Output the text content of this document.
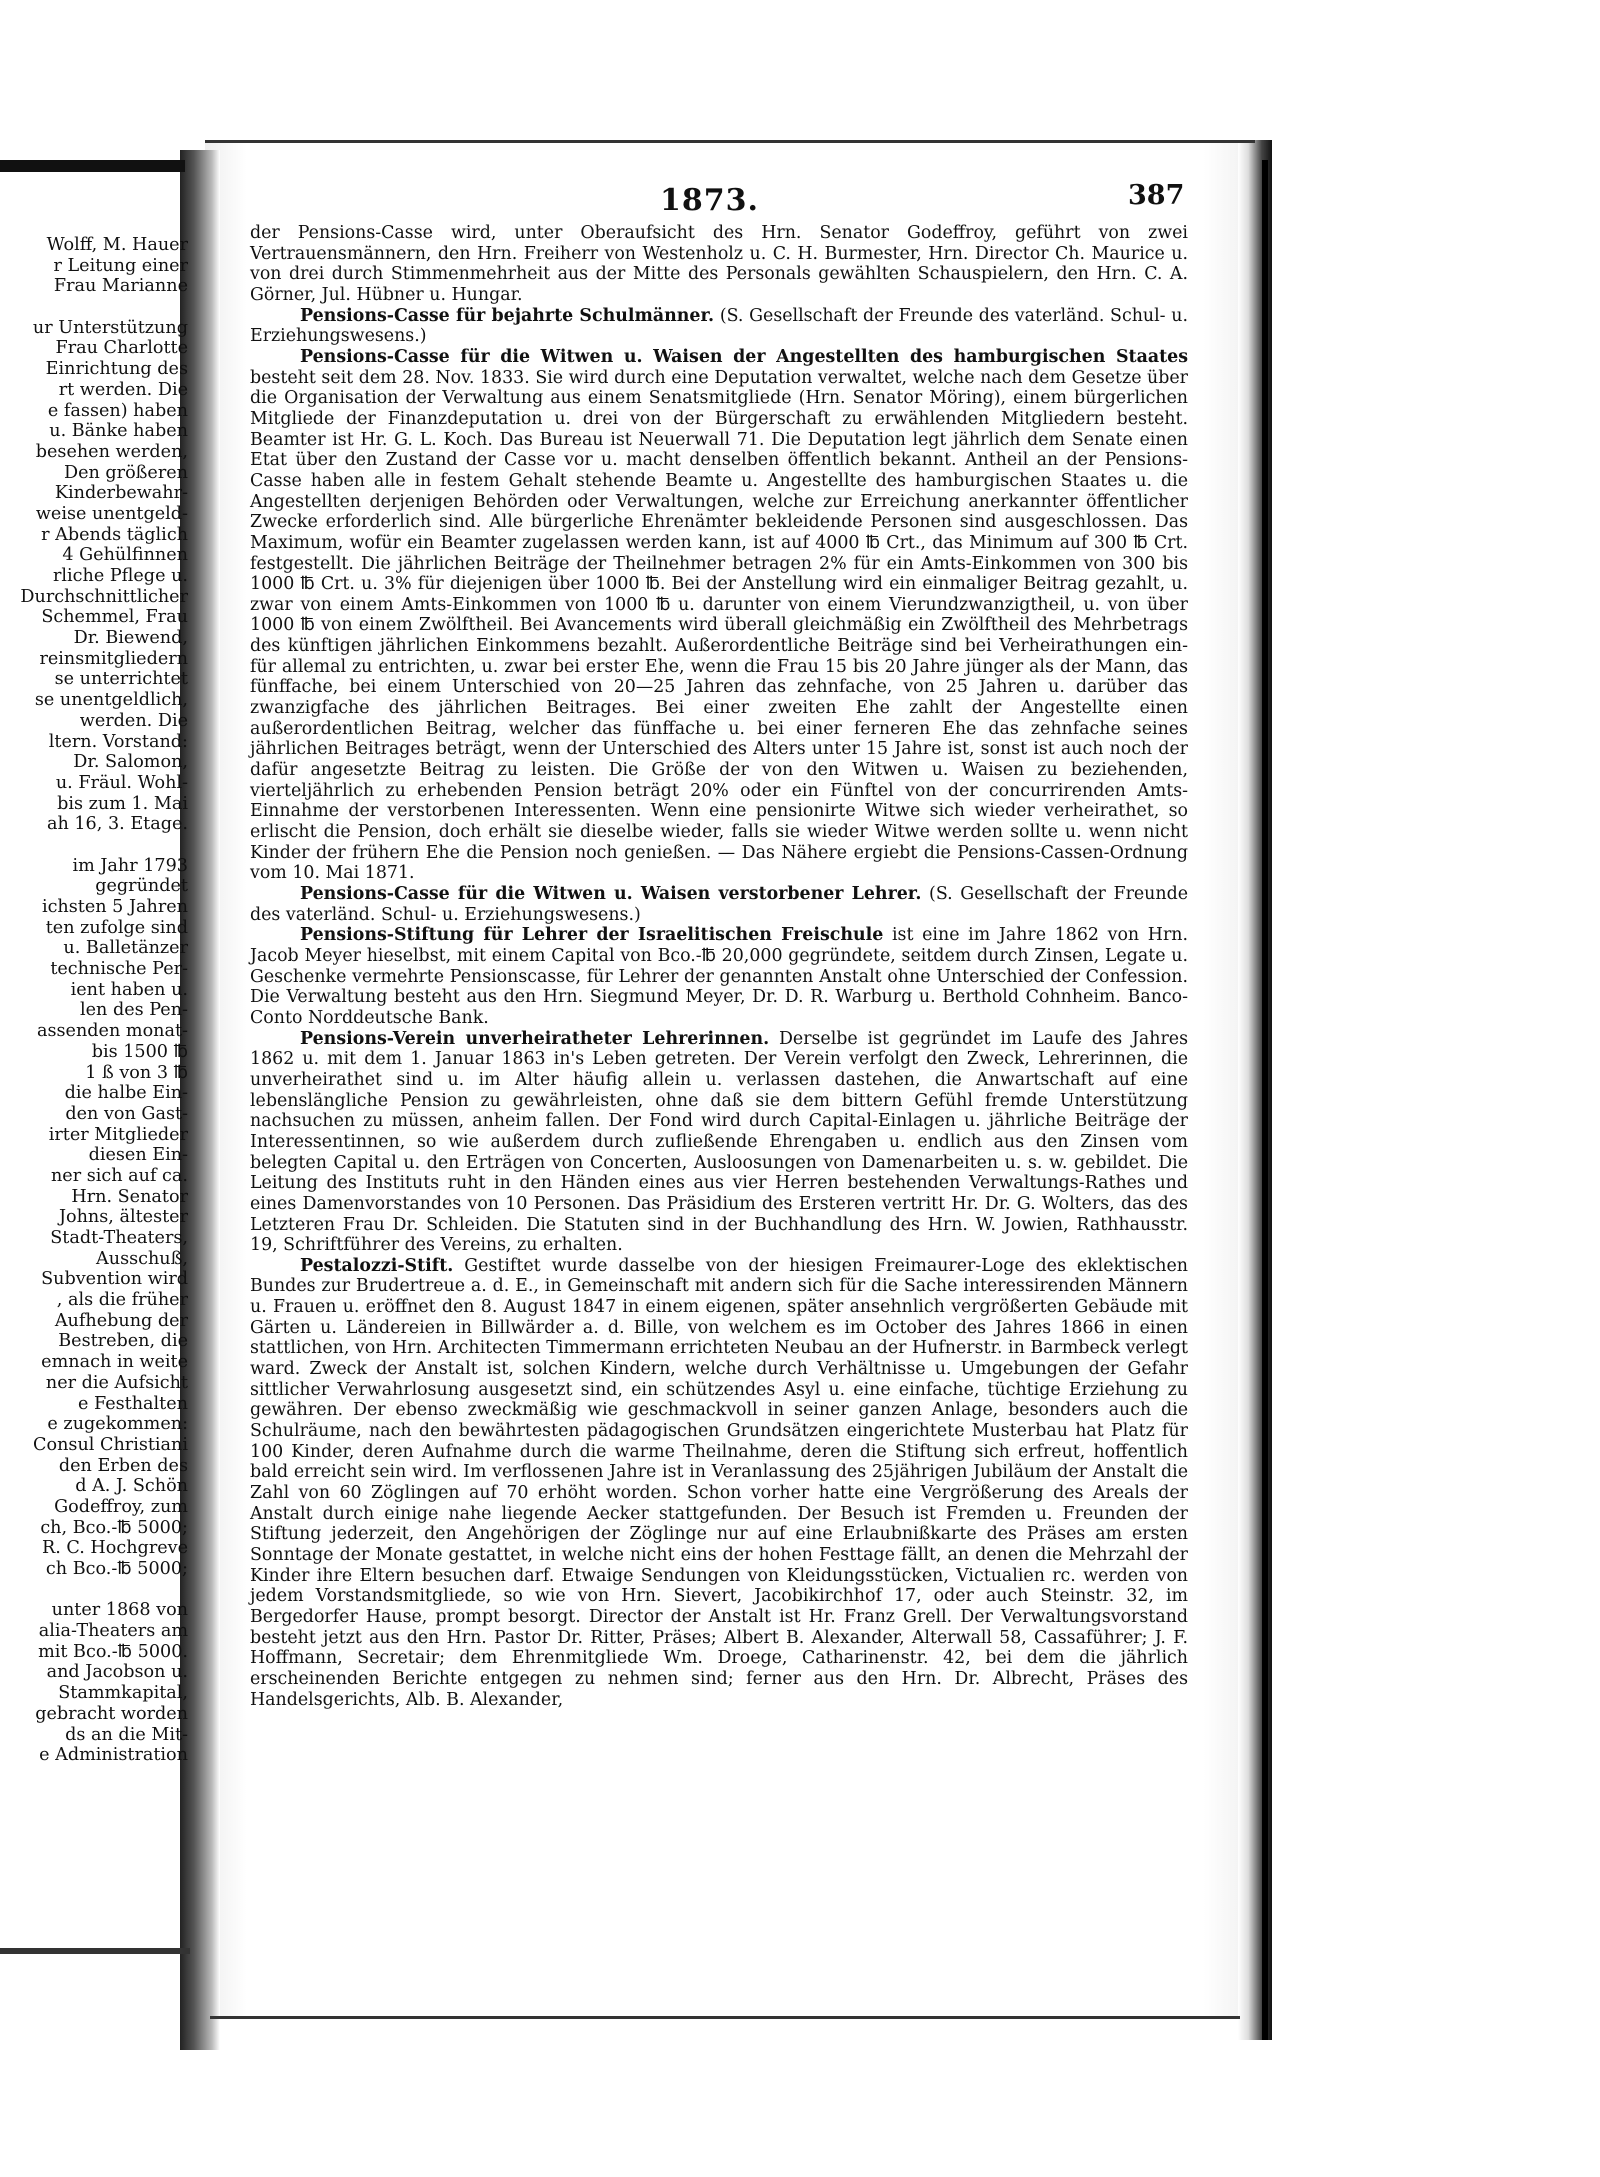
Wolff, M. Hauer
r Leitung einer
Frau Marianne
ur Unterstützung
Frau Charlotte
Einrichtung des
rt werden. Die
e fassen) haben
u. Bänke haben
besehen werden,
Den größeren
Kinderbewahr-
weise unentgeld-
r Abends täglich
4 Gehülfinnen
rliche Pflege u.
Durchschnittlicher
Schemmel, Frau
Dr. Biewend,
reinsmitgliedern
se unterrichtet
se unentgeldlich,
werden. Die
ltern. Vorstand:
Dr. Salomon,
u. Fräul. Wohl-
bis zum 1. Mai
ah 16, 3. Etage.
im Jahr 1793
gegründet
ichsten 5 Jahren
ten zufolge sind
u. Balletänzer
technische Per-
ient haben u.
len des Pen-
assenden monat-
bis 1500 ℔
1 ß von 3 ℔
die halbe Ein-
den von Gast-
irter Mitglieder
diesen Ein-
ner sich auf ca.
Hrn. Senator
Johns, ältester
Stadt-Theaters,
Ausschuß,
Subvention wird
, als die früher
Aufhebung der
Bestreben, die
emnach in weite
ner die Aufsicht
e Festhalten
e zugekommen:
Consul Christiani
den Erben des
d A. J. Schön
Godeffroy, zum
ch, Bco.-℔ 5000;
R. C. Hochgreve
ch Bco.-℔ 5000;
unter 1868 von
alia-Theaters am
mit Bco.-℔ 5000.
and Jacobson u.
Stammkapital,
gebracht worden
ds an die Mit-
e Administration
1873.	387

der Pensions-Casse wird, unter Oberaufsicht des Hrn. Senator Godeffroy, geführt von zwei Vertrauensmännern, den Hrn. Freiherr von Westenholz u. C. H. Burmester, Hrn. Director Ch. Maurice u. von drei durch Stimmenmehrheit aus der Mitte des Personals gewählten Schauspielern, den Hrn. C. A. Görner, Jul. Hübner u. Hungar.

Pensions-Casse für bejahrte Schulmänner. (S. Gesellschaft der Freunde des vaterländ. Schul- u. Erziehungswesens.)

Pensions-Casse für die Witwen u. Waisen der Angestellten des hamburgischen Staates besteht seit dem 28. Nov. 1833. Sie wird durch eine Deputation verwaltet, welche nach dem Gesetze über die Organisation der Verwaltung aus einem Senatsmitgliede (Hrn. Senator Möring), einem bürgerlichen Mitgliede der Finanzdeputation u. drei von der Bürgerschaft zu erwählenden Mitgliedern besteht. Beamter ist Hr. G. L. Koch. Das Bureau ist Neuerwall 71. Die Deputation legt jährlich dem Senate einen Etat über den Zustand der Casse vor u. macht denselben öffentlich bekannt. Antheil an der Pensions-Casse haben alle in festem Gehalt stehende Beamte u. Angestellte des hamburgischen Staates u. die Angestellten derjenigen Behörden oder Verwaltungen, welche zur Erreichung anerkannter öffentlicher Zwecke erforderlich sind. Alle bürgerliche Ehrenämter bekleidende Personen sind ausgeschlossen. Das Maximum, wofür ein Beamter zugelassen werden kann, ist auf 4000 ℔ Crt., das Minimum auf 300 ℔ Crt. festgestellt. Die jährlichen Beiträge der Theilnehmer betragen 2% für ein Amts-Einkommen von 300 bis 1000 ℔ Crt. u. 3% für diejenigen über 1000 ℔. Bei der Anstellung wird ein einmaliger Beitrag gezahlt, u. zwar von einem Amts-Einkommen von 1000 ℔ u. darunter von einem Vierundzwanzigtheil, u. von über 1000 ℔ von einem Zwölftheil. Bei Avancements wird überall gleichmäßig ein Zwölftheil des Mehrbetrags des künftigen jährlichen Einkommens bezahlt. Außerordentliche Beiträge sind bei Verheirathungen ein- für allemal zu entrichten, u. zwar bei erster Ehe, wenn die Frau 15 bis 20 Jahre jünger als der Mann, das fünffache, bei einem Unterschied von 20—25 Jahren das zehnfache, von 25 Jahren u. darüber das zwanzigfache des jährlichen Beitrages. Bei einer zweiten Ehe zahlt der Angestellte einen außerordentlichen Beitrag, welcher das fünffache u. bei einer ferneren Ehe das zehnfache seines jährlichen Beitrages beträgt, wenn der Unterschied des Alters unter 15 Jahre ist, sonst ist auch noch der dafür angesetzte Beitrag zu leisten. Die Größe der von den Witwen u. Waisen zu beziehenden, vierteljährlich zu erhebenden Pension beträgt 20% oder ein Fünftel von der concurrirenden Amts-Einnahme der verstorbenen Interessenten. Wenn eine pensionirte Witwe sich wieder verheirathet, so erlischt die Pension, doch erhält sie dieselbe wieder, falls sie wieder Witwe werden sollte u. wenn nicht Kinder der frühern Ehe die Pension noch genießen. — Das Nähere ergiebt die Pensions-Cassen-Ordnung vom 10. Mai 1871.

Pensions-Casse für die Witwen u. Waisen verstorbener Lehrer. (S. Gesellschaft der Freunde des vaterländ. Schul- u. Erziehungswesens.)

Pensions-Stiftung für Lehrer der Israelitischen Freischule ist eine im Jahre 1862 von Hrn. Jacob Meyer hieselbst, mit einem Capital von Bco.-℔ 20,000 gegründete, seitdem durch Zinsen, Legate u. Geschenke vermehrte Pensionscasse, für Lehrer der genannten Anstalt ohne Unterschied der Confession. Die Verwaltung besteht aus den Hrn. Siegmund Meyer, Dr. D. R. Warburg u. Berthold Cohnheim. Banco-Conto Norddeutsche Bank.

Pensions-Verein unverheiratheter Lehrerinnen. Derselbe ist gegründet im Laufe des Jahres 1862 u. mit dem 1. Januar 1863 in's Leben getreten. Der Verein verfolgt den Zweck, Lehrerinnen, die unverheirathet sind u. im Alter häufig allein u. verlassen dastehen, die Anwartschaft auf eine lebenslängliche Pension zu gewährleisten, ohne daß sie dem bittern Gefühl fremde Unterstützung nachsuchen zu müssen, anheim fallen. Der Fond wird durch Capital-Einlagen u. jährliche Beiträge der Interessentinnen, so wie außerdem durch zufließende Ehrengaben u. endlich aus den Zinsen vom belegten Capital u. den Erträgen von Concerten, Ausloosungen von Damenarbeiten u. s. w. gebildet. Die Leitung des Instituts ruht in den Händen eines aus vier Herren bestehenden Verwaltungs-Rathes und eines Damenvorstandes von 10 Personen. Das Präsidium des Ersteren vertritt Hr. Dr. G. Wolters, das des Letzteren Frau Dr. Schleiden. Die Statuten sind in der Buchhandlung des Hrn. W. Jowien, Rathhausstr. 19, Schriftführer des Vereins, zu erhalten.

Pestalozzi-Stift. Gestiftet wurde dasselbe von der hiesigen Freimaurer-Loge des eklektischen Bundes zur Brudertreue a. d. E., in Gemeinschaft mit andern sich für die Sache interessirenden Männern u. Frauen u. eröffnet den 8. August 1847 in einem eigenen, später ansehnlich vergrößerten Gebäude mit Gärten u. Ländereien in Billwärder a. d. Bille, von welchem es im October des Jahres 1866 in einen stattlichen, von Hrn. Architecten Timmermann errichteten Neubau an der Hufnerstr. in Barmbeck verlegt ward. Zweck der Anstalt ist, solchen Kindern, welche durch Verhältnisse u. Umgebungen der Gefahr sittlicher Verwahrlosung ausgesetzt sind, ein schützendes Asyl u. eine einfache, tüchtige Erziehung zu gewähren. Der ebenso zweckmäßig wie geschmackvoll in seiner ganzen Anlage, besonders auch die Schulräume, nach den bewährtesten pädagogischen Grundsätzen eingerichtete Musterbau hat Platz für 100 Kinder, deren Aufnahme durch die warme Theilnahme, deren die Stiftung sich erfreut, hoffentlich bald erreicht sein wird. Im verflossenen Jahre ist in Veranlassung des 25jährigen Jubiläum der Anstalt die Zahl von 60 Zöglingen auf 70 erhöht worden. Schon vorher hatte eine Vergrößerung des Areals der Anstalt durch einige nahe liegende Aecker stattgefunden. Der Besuch ist Fremden u. Freunden der Stiftung jederzeit, den Angehörigen der Zöglinge nur auf eine Erlaubnißkarte des Präses am ersten Sonntage der Monate gestattet, in welche nicht eins der hohen Festtage fällt, an denen die Mehrzahl der Kinder ihre Eltern besuchen darf. Etwaige Sendungen von Kleidungsstücken, Victualien rc. werden von jedem Vorstandsmitgliede, so wie von Hrn. Sievert, Jacobikirchhof 17, oder auch Steinstr. 32, im Bergedorfer Hause, prompt besorgt. Director der Anstalt ist Hr. Franz Grell. Der Verwaltungsvorstand besteht jetzt aus den Hrn. Pastor Dr. Ritter, Präses; Albert B. Alexander, Alterwall 58, Cassaführer; J. F. Hoffmann, Secretair; dem Ehrenmitgliede Wm. Droege, Catharinenstr. 42, bei dem die jährlich erscheinenden Berichte entgegen zu nehmen sind; ferner aus den Hrn. Dr. Albrecht, Präses des Handelsgerichts, Alb. B. Alexander,
